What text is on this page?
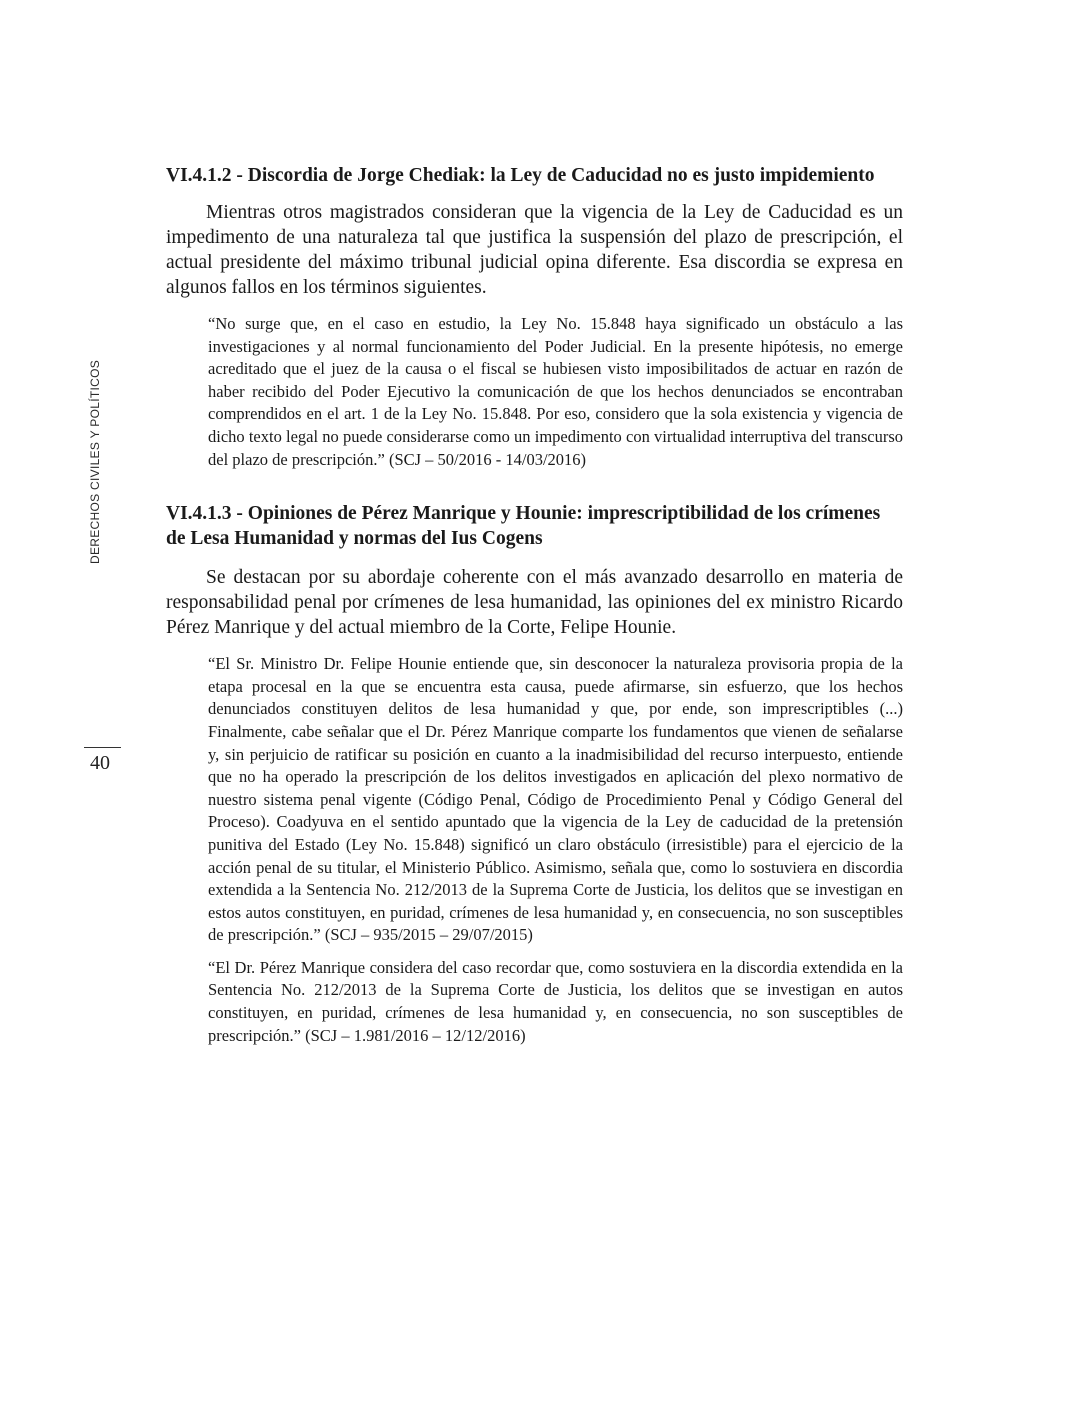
DERECHOS CIVILES Y POLÍTICOS
40
VI.4.1.2 - Discordia de Jorge Chediak: la Ley de Caducidad no es justo impidemiento

Mientras otros magistrados consideran que la vigencia de la Ley de Caducidad es un impedimento de una naturaleza tal que justifica la suspensión del plazo de prescripción, el actual presidente del máximo tribunal judicial opina diferente. Esa discordia se expresa en algunos fallos en los términos siguientes.

“No surge que, en el caso en estudio, la Ley No. 15.848 haya significado un obstáculo a las investigaciones y al normal funcionamiento del Poder Judicial. En la presente hipótesis, no emerge acreditado que el juez de la causa o el fiscal se hubiesen visto imposibilitados de actuar en razón de haber recibido del Poder Ejecutivo la comunicación de que los hechos denunciados se encontraban comprendidos en el art. 1 de la Ley No. 15.848. Por eso, considero que la sola existencia y vigencia de dicho texto legal no puede considerarse como un impedimento con virtualidad interruptiva del transcurso del plazo de prescripción.” (SCJ – 50/2016 - 14/03/2016)

VI.4.1.3 - Opiniones de Pérez Manrique y Hounie: imprescriptibilidad de los crímenes de Lesa Humanidad y normas del Ius Cogens

Se destacan por su abordaje coherente con el más avanzado desarrollo en materia de responsabilidad penal por crímenes de lesa humanidad, las opiniones del ex ministro Ricardo Pérez Manrique y del actual miembro de la Corte, Felipe Hounie.

“El Sr. Ministro Dr. Felipe Hounie entiende que, sin desconocer la naturaleza provisoria propia de la etapa procesal en la que se encuentra esta causa, puede afirmarse, sin esfuerzo, que los hechos denunciados constituyen delitos de lesa humanidad y que, por ende, son imprescriptibles (...) Finalmente, cabe señalar que el Dr. Pérez Manrique comparte los fundamentos que vienen de señalarse y, sin perjuicio de ratificar su posición en cuanto a la inadmisibilidad del recurso interpuesto, entiende que no ha operado la prescripción de los delitos investigados en aplicación del plexo normativo de nuestro sistema penal vigente (Código Penal, Código de Procedimiento Penal y Código General del Proceso). Coadyuva en el sentido apuntado que la vigencia de la Ley de caducidad de la pretensión punitiva del Estado (Ley No. 15.848) significó un claro obstáculo (irresistible) para el ejercicio de la acción penal de su titular, el Ministerio Público. Asimismo, señala que, como lo sostuviera en discordia extendida a la Sentencia No. 212/2013 de la Suprema Corte de Justicia, los delitos que se investigan en estos autos constituyen, en puridad, crímenes de lesa humanidad y, en consecuencia, no son susceptibles de prescripción.” (SCJ – 935/2015 – 29/07/2015)

“El Dr. Pérez Manrique considera del caso recordar que, como sostuviera en la discordia extendida en la Sentencia No. 212/2013 de la Suprema Corte de Justicia, los delitos que se investigan en autos constituyen, en puridad, crímenes de lesa humanidad y, en consecuencia, no son susceptibles de prescripción.” (SCJ – 1.981/2016 – 12/12/2016)
